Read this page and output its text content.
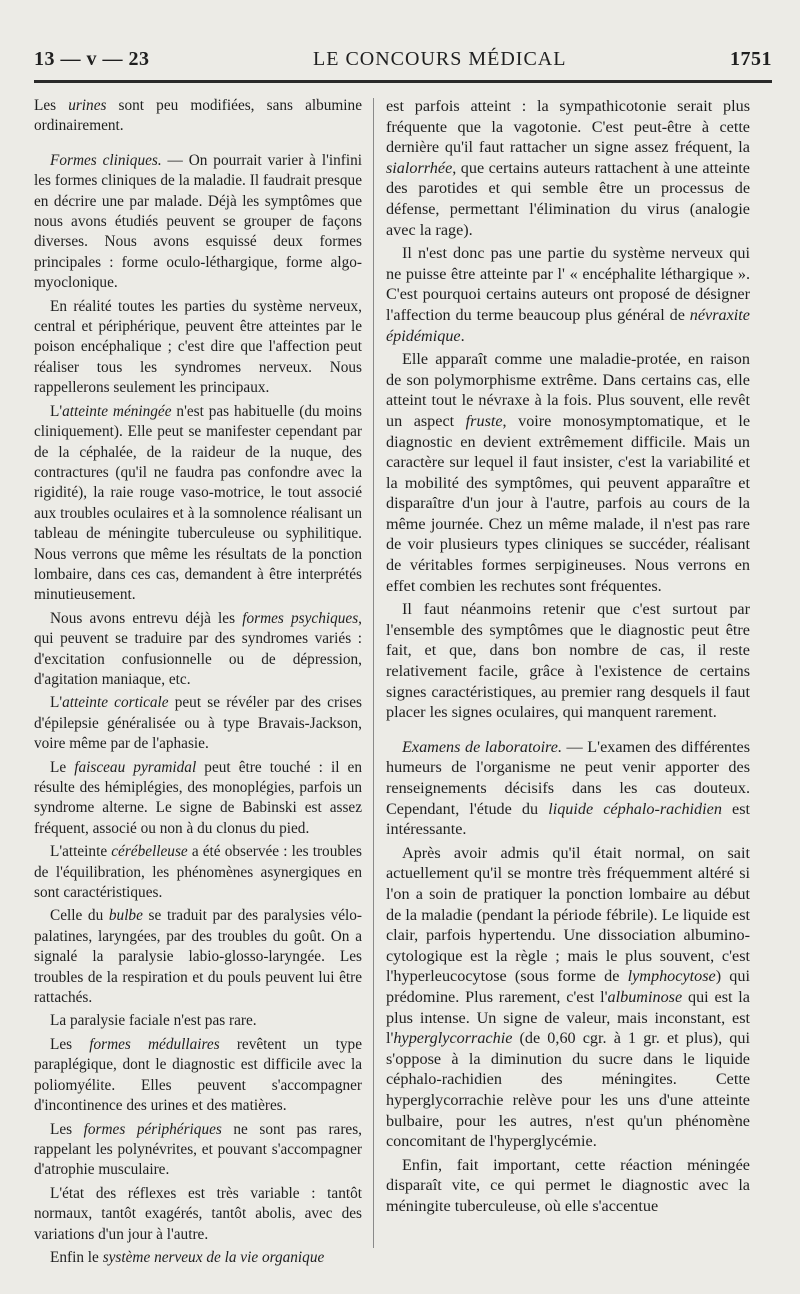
13 — v — 23	LE CONCOURS MÉDICAL	1751

Les urines sont peu modifiées, sans albumine ordinairement.

Formes cliniques. — On pourrait varier à l'infini les formes cliniques de la maladie. Il faudrait presque en décrire une par malade. Déjà les symptômes que nous avons étudiés peuvent se grouper de façons diverses. Nous avons esquissé deux formes principales : forme oculo-léthargique, forme algo-myoclonique.

En réalité toutes les parties du système nerveux, central et périphérique, peuvent être atteintes par le poison encéphalique ; c'est dire que l'affection peut réaliser tous les syndromes nerveux. Nous rappellerons seulement les principaux.

L'atteinte méningée n'est pas habituelle (du moins cliniquement). Elle peut se manifester cependant par de la céphalée, de la raideur de la nuque, des contractures (qu'il ne faudra pas confondre avec la rigidité), la raie rouge vaso-motrice, le tout associé aux troubles oculaires et à la somnolence réalisant un tableau de méningite tuberculeuse ou syphilitique. Nous verrons que même les résultats de la ponction lombaire, dans ces cas, demandent à être interprétés minutieusement.

Nous avons entrevu déjà les formes psychiques, qui peuvent se traduire par des syndromes variés : d'excitation confusionnelle ou de dépression, d'agitation maniaque, etc.

L'atteinte corticale peut se révéler par des crises d'épilepsie généralisée ou à type Bravais-Jackson, voire même par de l'aphasie.

Le faisceau pyramidal peut être touché : il en résulte des hémiplégies, des monoplégies, parfois un syndrome alterne. Le signe de Babinski est assez fréquent, associé ou non à du clonus du pied.

L'atteinte cérébelleuse a été observée : les troubles de l'équilibration, les phénomènes asynergiques en sont caractéristiques.

Celle du bulbe se traduit par des paralysies vélo-palatines, laryngées, par des troubles du goût. On a signalé la paralysie labio-glosso-laryngée. Les troubles de la respiration et du pouls peuvent lui être rattachés.

La paralysie faciale n'est pas rare.

Les formes médullaires revêtent un type paraplégique, dont le diagnostic est difficile avec la poliomyélite. Elles peuvent s'accompagner d'incontinence des urines et des matières.

Les formes périphériques ne sont pas rares, rappelant les polynévrites, et pouvant s'accompagner d'atrophie musculaire.

L'état des réflexes est très variable : tantôt normaux, tantôt exagérés, tantôt abolis, avec des variations d'un jour à l'autre.

Enfin le système nerveux de la vie organique

est parfois atteint : la sympathicotonie serait plus fréquente que la vagotonie. C'est peut-être à cette dernière qu'il faut rattacher un signe assez fréquent, la sialorrhée, que certains auteurs rattachent à une atteinte des parotides et qui semble être un processus de défense, permettant l'élimination du virus (analogie avec la rage).

Il n'est donc pas une partie du système nerveux qui ne puisse être atteinte par l' « encéphalite léthargique ». C'est pourquoi certains auteurs ont proposé de désigner l'affection du terme beaucoup plus général de névraxite épidémique.

Elle apparaît comme une maladie-protée, en raison de son polymorphisme extrême. Dans certains cas, elle atteint tout le névraxe à la fois. Plus souvent, elle revêt un aspect fruste, voire monosymptomatique, et le diagnostic en devient extrêmement difficile. Mais un caractère sur lequel il faut insister, c'est la variabilité et la mobilité des symptômes, qui peuvent apparaître et disparaître d'un jour à l'autre, parfois au cours de la même journée. Chez un même malade, il n'est pas rare de voir plusieurs types cliniques se succéder, réalisant de véritables formes serpigineuses. Nous verrons en effet combien les rechutes sont fréquentes.

Il faut néanmoins retenir que c'est surtout par l'ensemble des symptômes que le diagnostic peut être fait, et que, dans bon nombre de cas, il reste relativement facile, grâce à l'existence de certains signes caractéristiques, au premier rang desquels il faut placer les signes oculaires, qui manquent rarement.

Examens de laboratoire. — L'examen des différentes humeurs de l'organisme ne peut venir apporter des renseignements décisifs dans les cas douteux. Cependant, l'étude du liquide céphalo-rachidien est intéressante.

Après avoir admis qu'il était normal, on sait actuellement qu'il se montre très fréquemment altéré si l'on a soin de pratiquer la ponction lombaire au début de la maladie (pendant la période fébrile). Le liquide est clair, parfois hypertendu. Une dissociation albumino-cytologique est la règle ; mais le plus souvent, c'est l'hyperleucocytose (sous forme de lymphocytose) qui prédomine. Plus rarement, c'est l'albuminose qui est la plus intense. Un signe de valeur, mais inconstant, est l'hyperglycorrachie (de 0,60 cgr. à 1 gr. et plus), qui s'oppose à la diminution du sucre dans le liquide céphalo-rachidien des méningites. Cette hyperglycorrachie relève pour les uns d'une atteinte bulbaire, pour les autres, n'est qu'un phénomène concomitant de l'hyperglycémie.

Enfin, fait important, cette réaction méningée disparaît vite, ce qui permet le diagnostic avec la méningite tuberculeuse, où elle s'accentue
